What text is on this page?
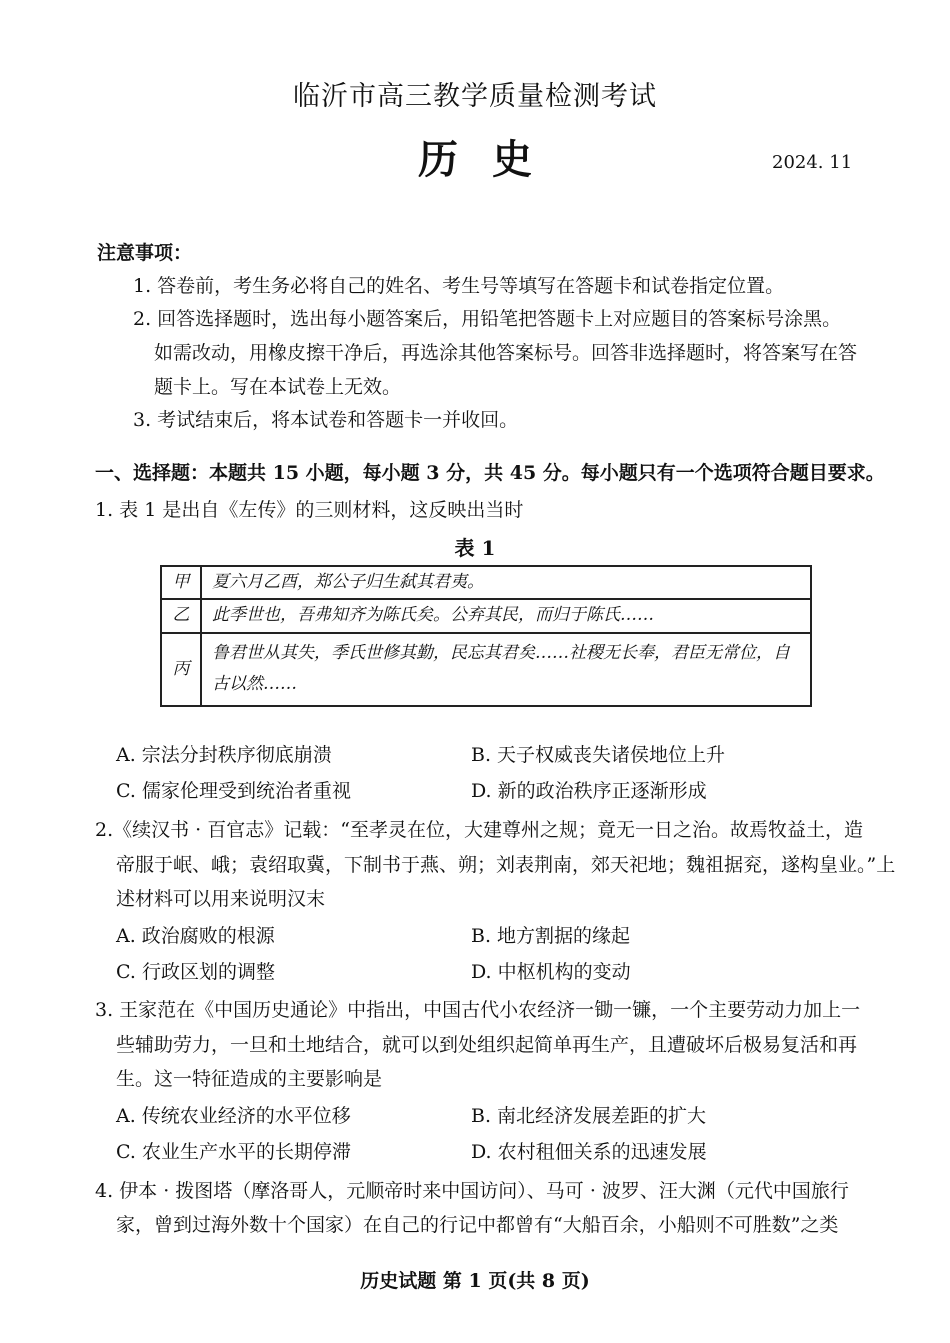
临沂市高三教学质量检测考试
历史	2024. 11
注意事项：
1. 答卷前，考生务必将自己的姓名、考生号等填写在答题卡和试卷指定位置。
2. 回答选择题时，选出每小题答案后，用铅笔把答题卡上对应题目的答案标号涂黑。
如需改动，用橡皮擦干净后，再选涂其他答案标号。回答非选择题时，将答案写在答
题卡上。写在本试卷上无效。
3. 考试结束后，将本试卷和答题卡一并收回。
一、选择题：本题共 15 小题，每小题 3 分，共 45 分。每小题只有一个选项符合题目要求。
1. 表 1 是出自《左传》的三则材料，这反映出当时
表 1
甲	夏六月乙酉，郑公子归生弑其君夷。
乙	此季世也，吾弗知齐为陈氏矣。公弃其民，而归于陈氏……
丙	鲁君世从其失，季氏世修其勤，民忘其君矣……社稷无长奉，君臣无常位，自古以然……
A. 宗法分封秩序彻底崩溃	B. 天子权威丧失诸侯地位上升
C. 儒家伦理受到统治者重视	D. 新的政治秩序正逐渐形成
2.《续汉书 · 百官志》记载：“至孝灵在位，大建尊州之规；竟无一日之治。故焉牧益土，造
帝服于岷、峨；袁绍取冀，下制书于燕、朔；刘表荆南，郊天祀地；魏祖据兖，遂构皇业。”上
述材料可以用来说明汉末
A. 政治腐败的根源	B. 地方割据的缘起
C. 行政区划的调整	D. 中枢机构的变动
3. 王家范在《中国历史通论》中指出，中国古代小农经济一锄一镰，一个主要劳动力加上一
些辅助劳力，一旦和土地结合，就可以到处组织起简单再生产，且遭破坏后极易复活和再
生。这一特征造成的主要影响是
A. 传统农业经济的水平位移	B. 南北经济发展差距的扩大
C. 农业生产水平的长期停滞	D. 农村租佃关系的迅速发展
4. 伊本 · 拨图塔（摩洛哥人，元顺帝时来中国访问）、马可 · 波罗、汪大渊（元代中国旅行
家，曾到过海外数十个国家）在自己的行记中都曾有“大船百余，小船则不可胜数”之类
历史试题 第 1 页(共 8 页)
